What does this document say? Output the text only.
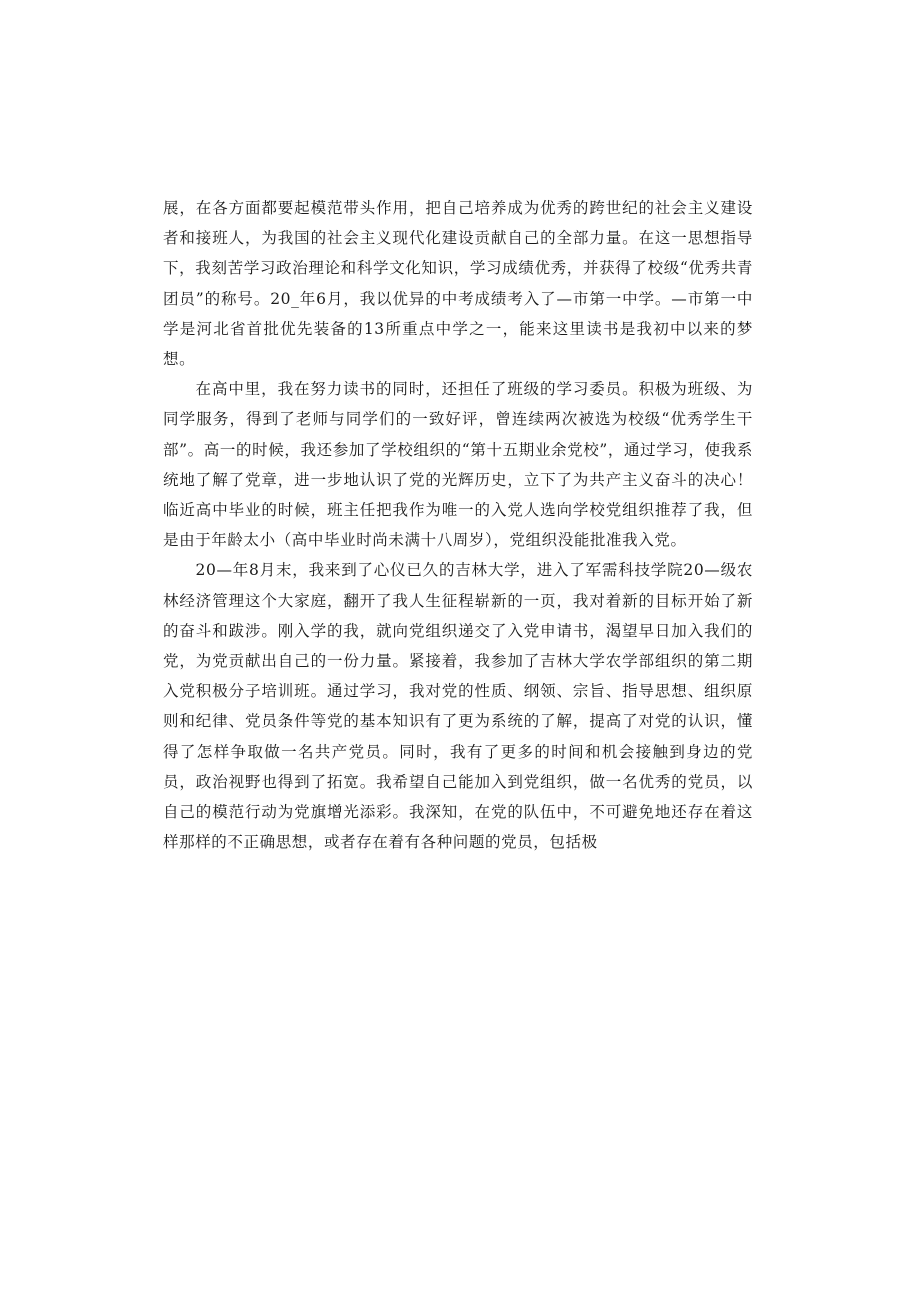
展，在各方面都要起模范带头作用，把自己培养成为优秀的跨世纪的社会主义建设者和接班人，为我国的社会主义现代化建设贡献自己的全部力量。在这一思想指导下，我刻苦学习政治理论和科学文化知识，学习成绩优秀，并获得了校级“优秀共青团员”的称号。20_年6月，我以优异的中考成绩考入了—市第一中学。—市第一中学是河北省首批优先装备的13所重点中学之一，能来这里读书是我初中以来的梦想。

在高中里，我在努力读书的同时，还担任了班级的学习委员。积极为班级、为同学服务，得到了老师与同学们的一致好评，曾连续两次被选为校级“优秀学生干部”。高一的时候，我还参加了学校组织的“第十五期业余党校”，通过学习，使我系统地了解了党章，进一步地认识了党的光辉历史，立下了为共产主义奋斗的决心！临近高中毕业的时候，班主任把我作为唯一的入党人选向学校党组织推荐了我，但是由于年龄太小（高中毕业时尚未满十八周岁），党组织没能批准我入党。

20—年8月末，我来到了心仪已久的吉林大学，进入了军需科技学院20—级农林经济管理这个大家庭，翻开了我人生征程崭新的一页，我对着新的目标开始了新的奋斗和跋涉。刚入学的我，就向党组织递交了入党申请书，渴望早日加入我们的党，为党贡献出自己的一份力量。紧接着，我参加了吉林大学农学部组织的第二期入党积极分子培训班。通过学习，我对党的性质、纲领、宗旨、指导思想、组织原则和纪律、党员条件等党的基本知识有了更为系统的了解，提高了对党的认识，懂得了怎样争取做一名共产党员。同时，我有了更多的时间和机会接触到身边的党员，政治视野也得到了拓宽。我希望自己能加入到党组织，做一名优秀的党员，以自己的模范行动为党旗增光添彩。我深知，在党的队伍中，不可避免地还存在着这样那样的不正确思想，或者存在着有各种问题的党员，包括极
